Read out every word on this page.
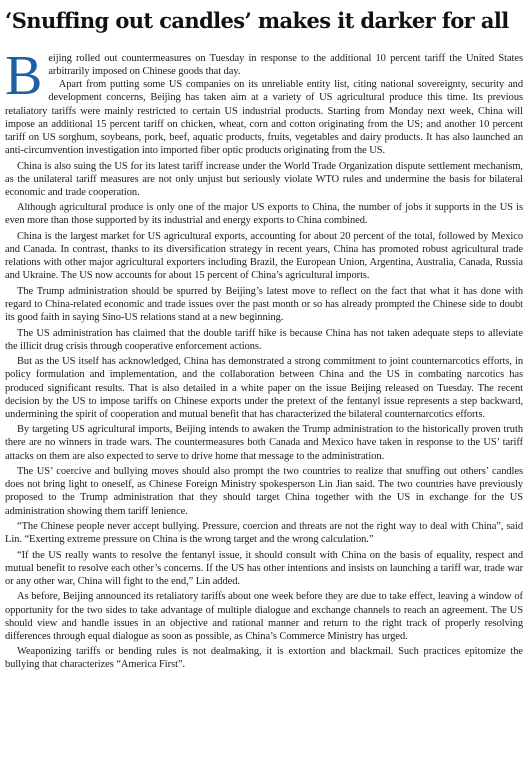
‘Snuffing out candles’ makes it darker for all

Beijing rolled out countermeasures on Tuesday in response to the additional 10 percent tariff the United States arbitrarily imposed on Chinese goods that day.
 Apart from putting some US companies on its unreliable entity list, citing national sovereignty, security and development concerns, Beijing has taken aim at a variety of US agricultural produce this time. Its previous retaliatory tariffs were mainly restricted to certain US industrial products. Starting from Monday next week, China will impose an additional 15 percent tariff on chicken, wheat, corn and cotton originating from the US; and another 10 percent tariff on US sorghum, soybeans, pork, beef, aquatic products, fruits, vegetables and dairy products. It has also launched an anti-circumvention investigation into imported fiber optic products originating from the US.

China is also suing the US for its latest tariff increase under the World Trade Organization dispute settlement mechanism, as the unilateral tariff measures are not only unjust but seriously violate WTO rules and undermine the basis for bilateral economic and trade cooperation.

Although agricultural produce is only one of the major US exports to China, the number of jobs it supports in the US is even more than those supported by its industrial and energy exports to China combined.

China is the largest market for US agricultural exports, accounting for about 20 percent of the total, followed by Mexico and Canada. In contrast, thanks to its diversification strategy in recent years, China has promoted robust agricultural trade relations with other major agricultural exporters including Brazil, the European Union, Argentina, Australia, Canada, Russia and Ukraine. The US now accounts for about 15 percent of China’s agricultural imports.

The Trump administration should be spurred by Beijing’s latest move to reflect on the fact that what it has done with regard to China-related economic and trade issues over the past month or so has already prompted the Chinese side to doubt its good faith in saying Sino-US relations stand at a new beginning.

The US administration has claimed that the double tariff hike is because China has not taken adequate steps to alleviate the illicit drug crisis through cooperative enforcement actions.

But as the US itself has acknowledged, China has demonstrated a strong commitment to joint counternarcotics efforts, in policy formulation and implementation, and the collaboration between China and the US in combating narcotics has produced significant results. That is also detailed in a white paper on the issue Beijing released on Tuesday. The recent decision by the US to impose tariffs on Chinese exports under the pretext of the fentanyl issue represents a step backward, undermining the spirit of cooperation and mutual benefit that has characterized the bilateral counternarcotics efforts.

By targeting US agricultural imports, Beijing intends to awaken the Trump administration to the historically proven truth there are no winners in trade wars. The countermeasures both Canada and Mexico have taken in response to the US’ tariff attacks on them are also expected to serve to drive home that message to the administration.

The US’ coercive and bullying moves should also prompt the two countries to realize that snuffing out others’ candles does not bring light to oneself, as Chinese Foreign Ministry spokesperson Lin Jian said. The two countries have previously proposed to the Trump administration that they should target China together with the US in exchange for the US administration showing them tariff lenience.

“The Chinese people never accept bullying. Pressure, coercion and threats are not the right way to deal with China”, said Lin. “Exerting extreme pressure on China is the wrong target and the wrong calculation.”

“If the US really wants to resolve the fentanyl issue, it should consult with China on the basis of equality, respect and mutual benefit to resolve each other’s concerns. If the US has other intentions and insists on launching a tariff war, trade war or any other war, China will fight to the end,” Lin added.

As before, Beijing announced its retaliatory tariffs about one week before they are due to take effect, leaving a window of opportunity for the two sides to take advantage of multiple dialogue and exchange channels to reach an agreement. The US should view and handle issues in an objective and rational manner and return to the right track of properly resolving differences through equal dialogue as soon as possible, as China’s Commerce Ministry has urged.

Weaponizing tariffs or bending rules is not dealmaking, it is extortion and blackmail. Such practices epitomize the bullying that characterizes “America First”.
